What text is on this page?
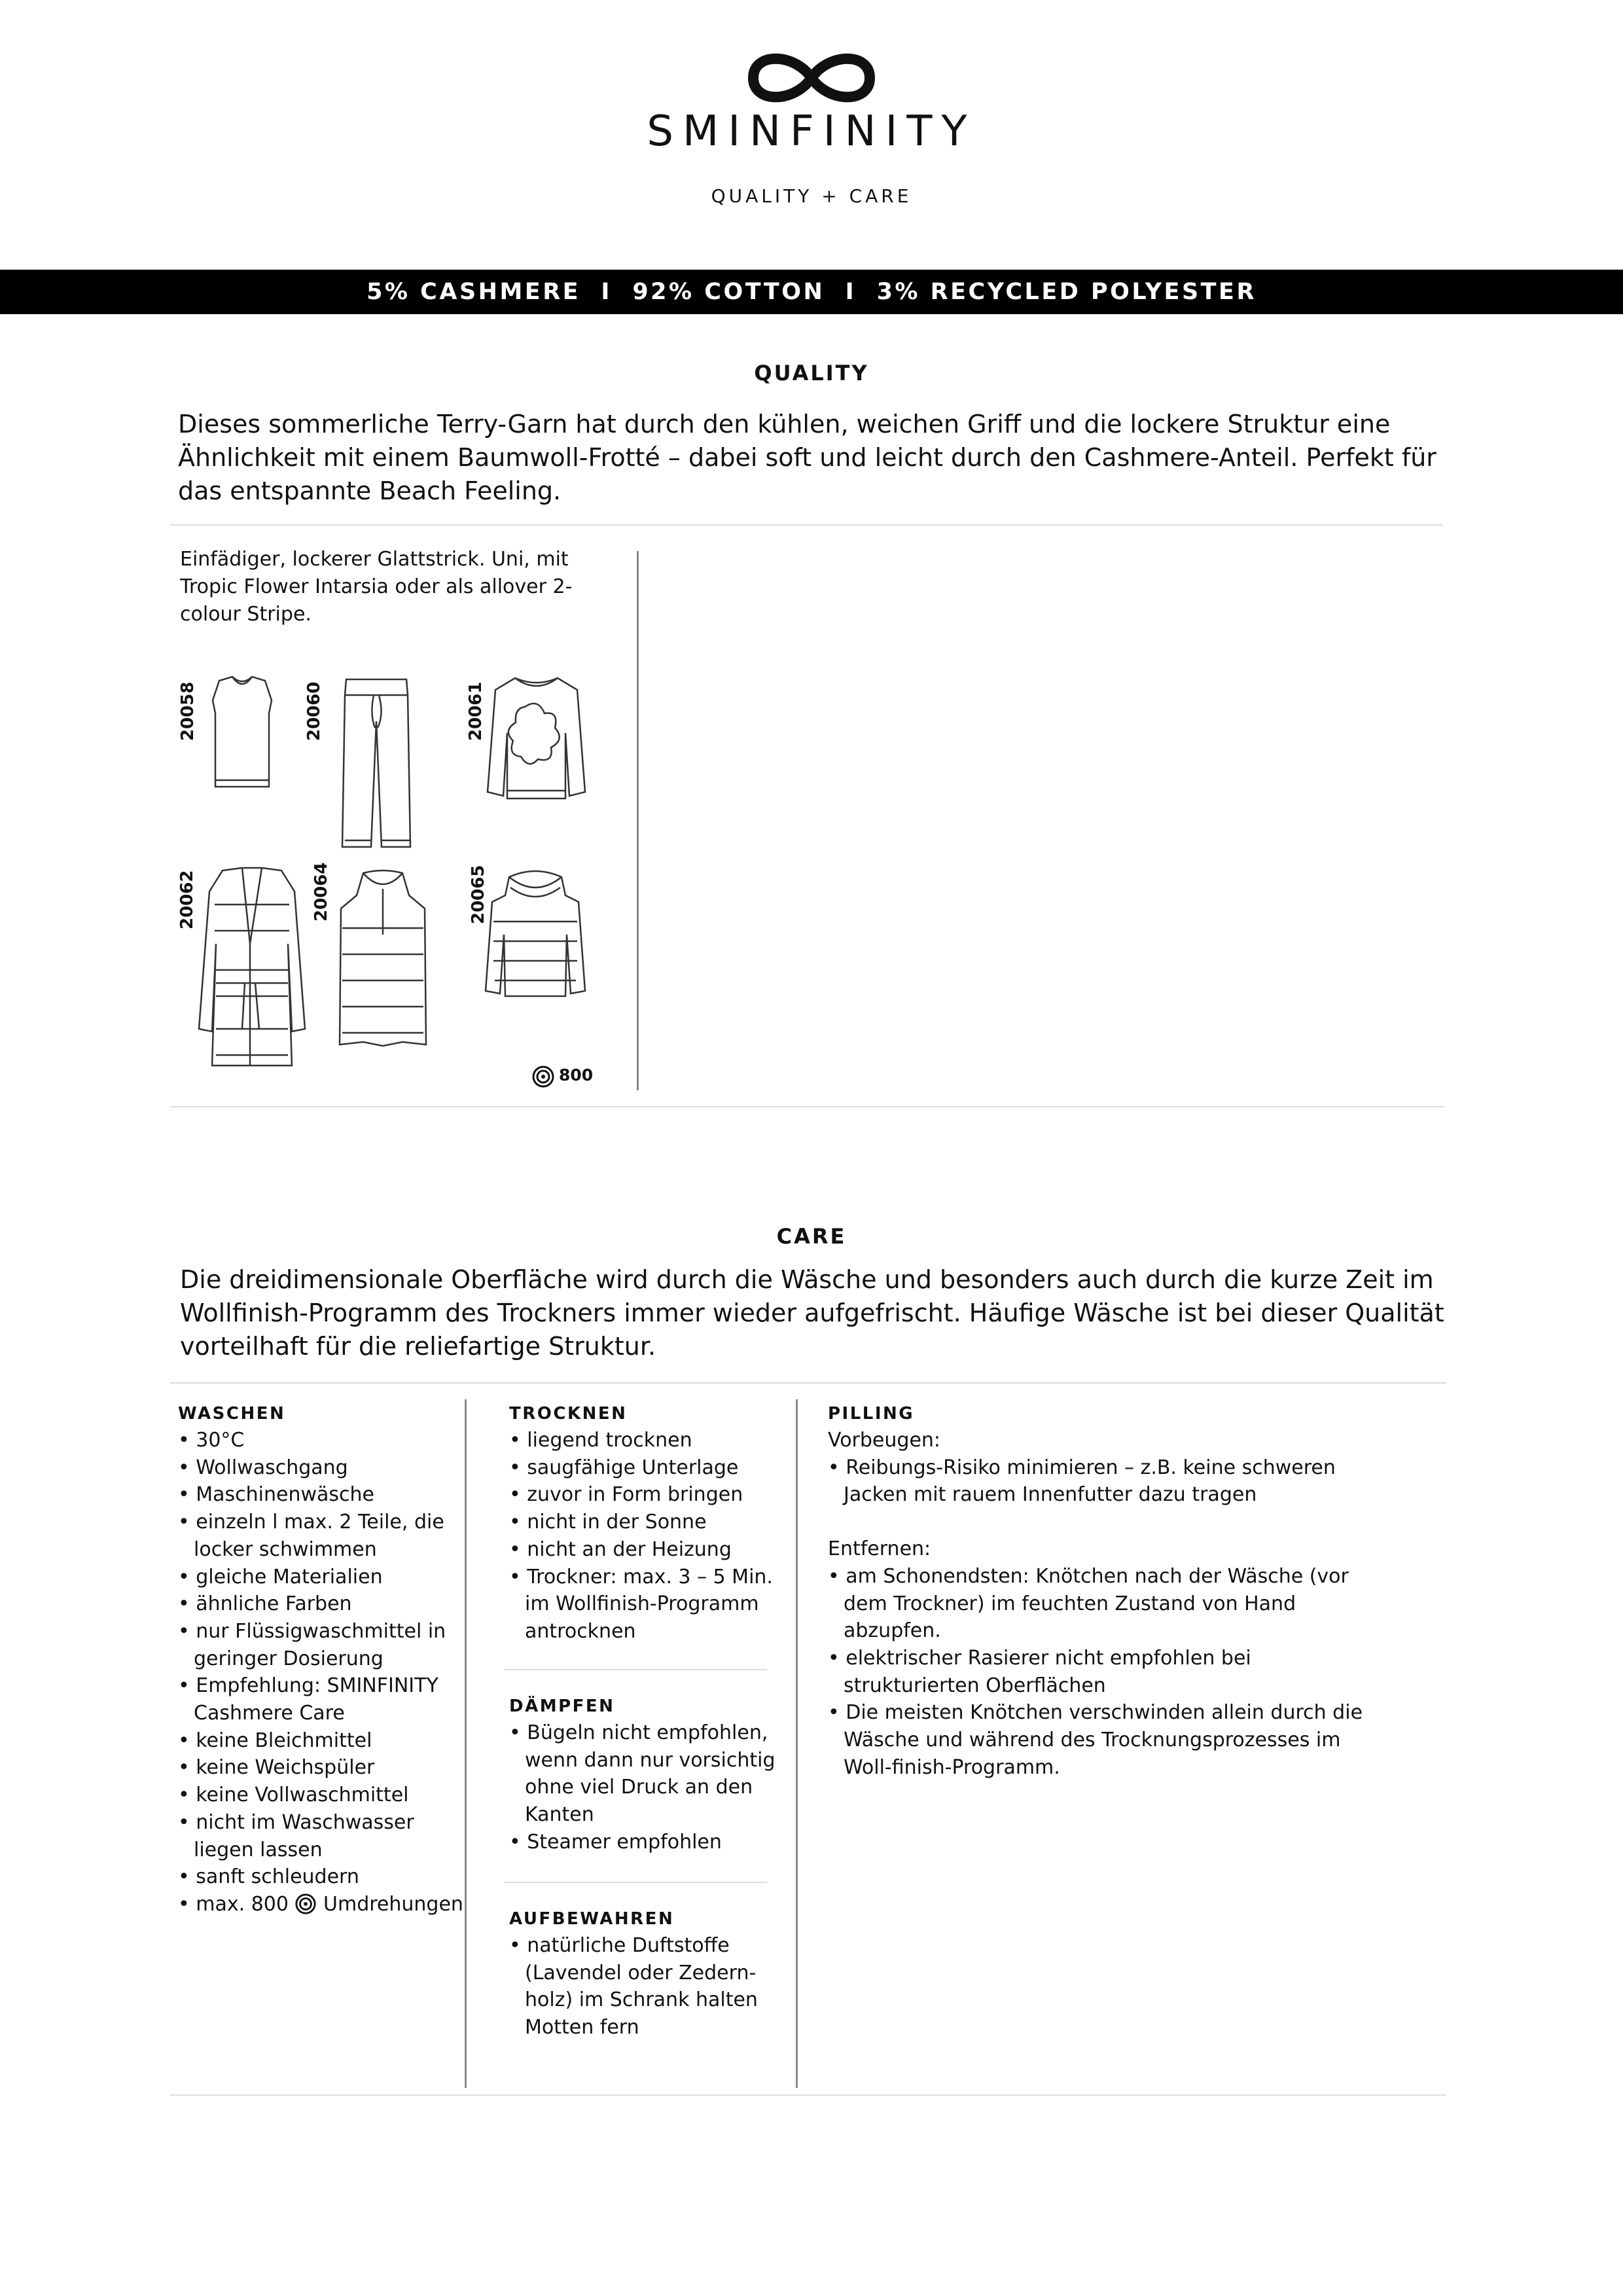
SMINFINITY
QUALITY + CARE
5% CASHMERE  I  92% COTTON  I  3% RECYCLED POLYESTER
QUALITY
Dieses sommerliche Terry-Garn hat durch den kühlen, weichen Griff und die lockere Struktur eine Ähnlichkeit mit einem Baumwoll-Frotté – dabei soft und leicht durch den Cashmere-Anteil. Perfekt für das entspannte Beach Feeling.
Einfädiger, lockerer Glattstrick. Uni, mit Tropic Flower Intarsia oder als allover 2-colour Stripe.
20058	20060	20061
20062	20064	20065
800
CARE
Die dreidimensionale Oberfläche wird durch die Wäsche und besonders auch durch die kurze Zeit im Wollfinish-Programm des Trockners immer wieder aufgefrischt. Häufige Wäsche ist bei dieser Qualität vorteilhaft für die reliefartige Struktur.
WASCHEN
• 30°C
• Wollwaschgang
• Maschinenwäsche
• einzeln l max. 2 Teile, die locker schwimmen
• gleiche Materialien
• ähnliche Farben
• nur Flüssigwaschmittel in geringer Dosierung
• Empfehlung: SMINFINITY Cashmere Care
• keine Bleichmittel
• keine Weichspüler
• keine Vollwaschmittel
• nicht im Waschwasser liegen lassen
• sanft schleudern
• max. 800 Umdrehungen
TROCKNEN
• liegend trocknen
• saugfähige Unterlage
• zuvor in Form bringen
• nicht in der Sonne
• nicht an der Heizung
• Trockner: max. 3 – 5 Min. im Wollfinish-Programm antrocknen
DÄMPFEN
• Bügeln nicht empfohlen, wenn dann nur vorsichtig ohne viel Druck an den Kanten
• Steamer empfohlen
AUFBEWAHREN
• natürliche Duftstoffe (Lavendel oder Zedern-holz) im Schrank halten Motten fern
PILLING
Vorbeugen:
• Reibungs-Risiko minimieren – z.B. keine schweren Jacken mit rauem Innenfutter dazu tragen
Entfernen:
• am Schonendsten: Knötchen nach der Wäsche (vor dem Trockner) im feuchten Zustand von Hand abzupfen.
• elektrischer Rasierer nicht empfohlen bei strukturierten Oberflächen
• Die meisten Knötchen verschwinden allein durch die Wäsche und während des Trocknungsprozesses im Woll-finish-Programm.
